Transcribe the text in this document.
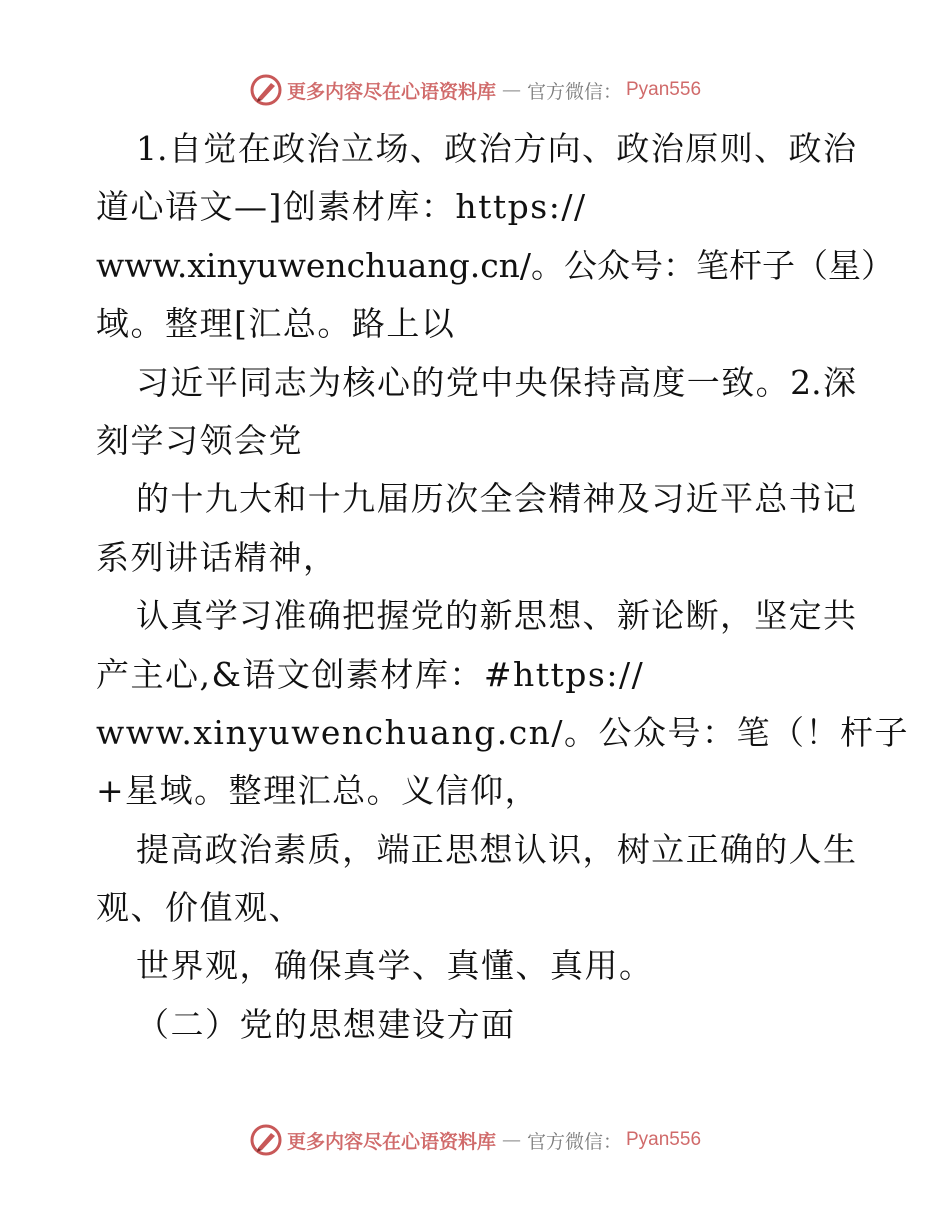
更多内容尽在心语资料库 — 官方微信： Pyan556
1.自觉在政治立场、政治方向、政治原则、政治
道心语文—]创素材库：https://
www.xinyuwenchuang.cn/。公众号：笔杆子（星）
域。整理[汇总。路上以
习近平同志为核心的党中央保持高度一致。2.深
刻学习领会党
的十九大和十九届历次全会精神及习近平总书记
系列讲话精神，
认真学习准确把握党的新思想、新论断，坚定共
产主心,&语文创素材库：#https://
www.xinyuwenchuang.cn/。公众号：笔（！杆子
+星域。整理汇总。义信仰，
提高政治素质，端正思想认识，树立正确的人生
观、价值观、
世界观，确保真学、真懂、真用。
（二）党的思想建设方面
更多内容尽在心语资料库 — 官方微信： Pyan556
